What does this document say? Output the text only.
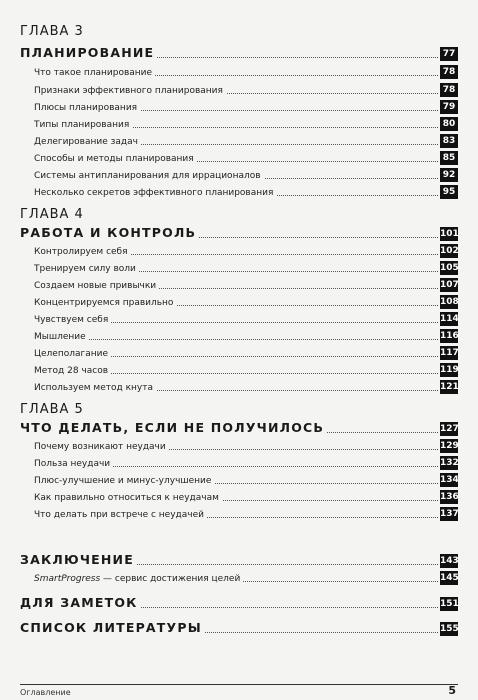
ГЛАВА 3
ПЛАНИРОВАНИЕ	77
Что такое планирование	78
Признаки эффективного планирования	78
Плюсы планирования	79
Типы планирования	80
Делегирование задач	83
Способы и методы планирования	85
Системы антипланирования для иррационалов	92
Несколько секретов эффективного планирования	95
ГЛАВА 4
РАБОТА И КОНТРОЛЬ	101
Контролируем себя	102
Тренируем силу воли	105
Создаем новые привычки	107
Концентрируемся правильно	108
Чувствуем себя	114
Мышление	116
Целеполагание	117
Метод 28 часов	119
Используем метод кнута	121
ГЛАВА 5
ЧТО ДЕЛАТЬ, ЕСЛИ НЕ ПОЛУЧИЛОСЬ	127
Почему возникают неудачи	129
Польза неудачи	132
Плюс-улучшение и минус-улучшение	134
Как правильно относиться к неудачам	136
Что делать при встрече с неудачей	137
ЗАКЛЮЧЕНИЕ	143
SmartProgress — сервис достижения целей	145
ДЛЯ ЗАМЕТОК	151
СПИСОК ЛИТЕРАТУРЫ	155
Оглавление	5
